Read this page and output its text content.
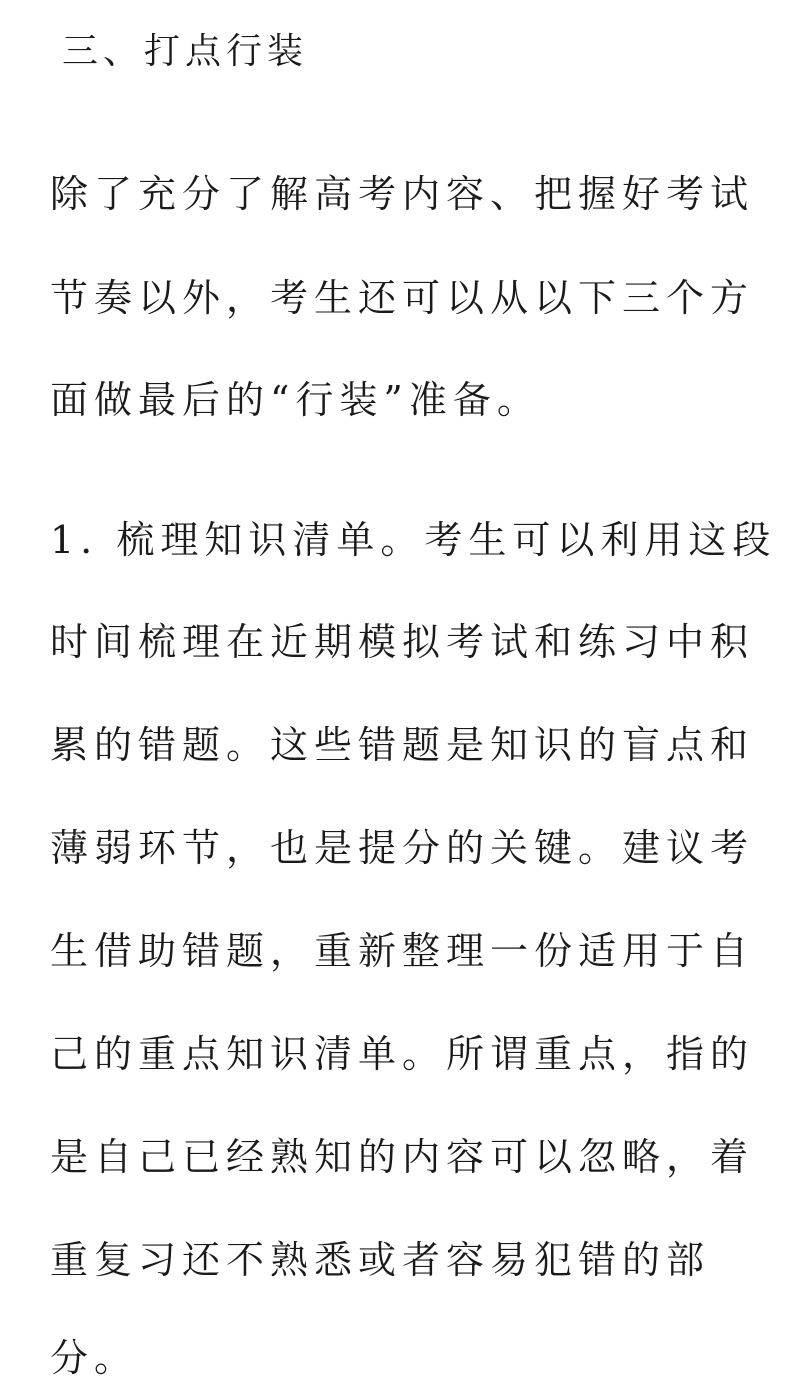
三、打点行装
除了充分了解高考内容、把握好考试
节奏以外，考生还可以从以下三个方
面做最后的“行装”准备。
1. 梳理知识清单。考生可以利用这段
时间梳理在近期模拟考试和练习中积
累的错题。这些错题是知识的盲点和
薄弱环节，也是提分的关键。建议考
生借助错题，重新整理一份适用于自
己的重点知识清单。所谓重点，指的
是自己已经熟知的内容可以忽略，着
重复习还不熟悉或者容易犯错的部
分。
